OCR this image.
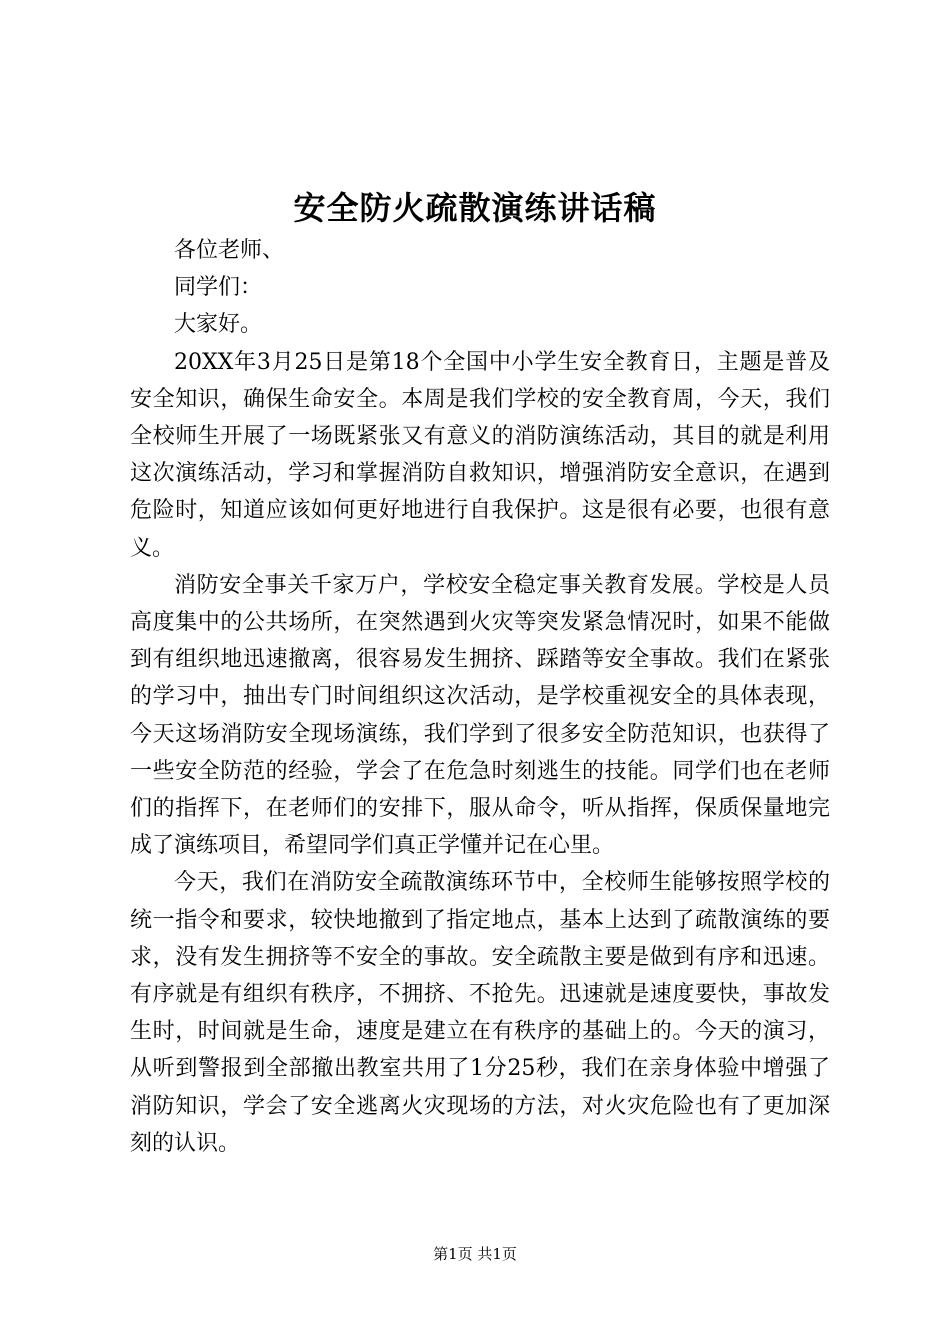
安全防火疏散演练讲话稿

各位老师、

同学们：

大家好。

20XX年3月25日是第18个全国中小学生安全教育日，主题是普及安全知识，确保生命安全。本周是我们学校的安全教育周，今天，我们全校师生开展了一场既紧张又有意义的消防演练活动，其目的就是利用这次演练活动，学习和掌握消防自救知识，增强消防安全意识，在遇到危险时，知道应该如何更好地进行自我保护。这是很有必要，也很有意义。

消防安全事关千家万户，学校安全稳定事关教育发展。学校是人员高度集中的公共场所，在突然遇到火灾等突发紧急情况时，如果不能做到有组织地迅速撤离，很容易发生拥挤、踩踏等安全事故。我们在紧张的学习中，抽出专门时间组织这次活动，是学校重视安全的具体表现，今天这场消防安全现场演练，我们学到了很多安全防范知识，也获得了一些安全防范的经验，学会了在危急时刻逃生的技能。同学们也在老师们的指挥下，在老师们的安排下，服从命令，听从指挥，保质保量地完成了演练项目，希望同学们真正学懂并记在心里。

今天，我们在消防安全疏散演练环节中，全校师生能够按照学校的统一指令和要求，较快地撤到了指定地点，基本上达到了疏散演练的要求，没有发生拥挤等不安全的事故。安全疏散主要是做到有序和迅速。有序就是有组织有秩序，不拥挤、不抢先。迅速就是速度要快，事故发生时，时间就是生命，速度是建立在有秩序的基础上的。今天的演习，从听到警报到全部撤出教室共用了1分25秒，我们在亲身体验中增强了消防知识，学会了安全逃离火灾现场的方法，对火灾危险也有了更加深刻的认识。

第1页 共1页
